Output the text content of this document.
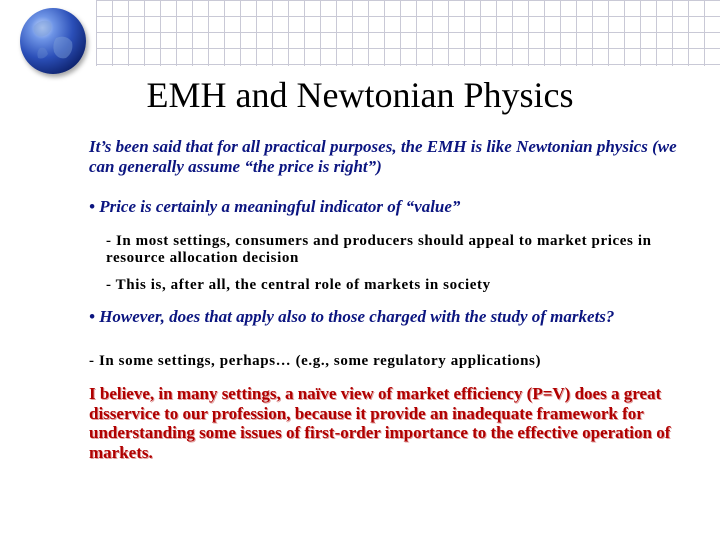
EMH and Newtonian Physics

It’s been said that for all practical purposes, the EMH is like Newtonian physics (we can generally assume “the price is right”)

• Price is certainly a meaningful indicator of “value”

- In most settings, consumers and producers should appeal to market prices in resource allocation decision

- This is, after all, the central role of markets in society

• However, does that apply also to those charged with the study of markets?

- In some settings, perhaps… (e.g., some regulatory applications)

I believe, in many settings, a naïve view of market efficiency (P=V) does a great disservice to our profession, because it provide an inadequate framework for understanding some issues of first-order importance to the effective operation of markets.
